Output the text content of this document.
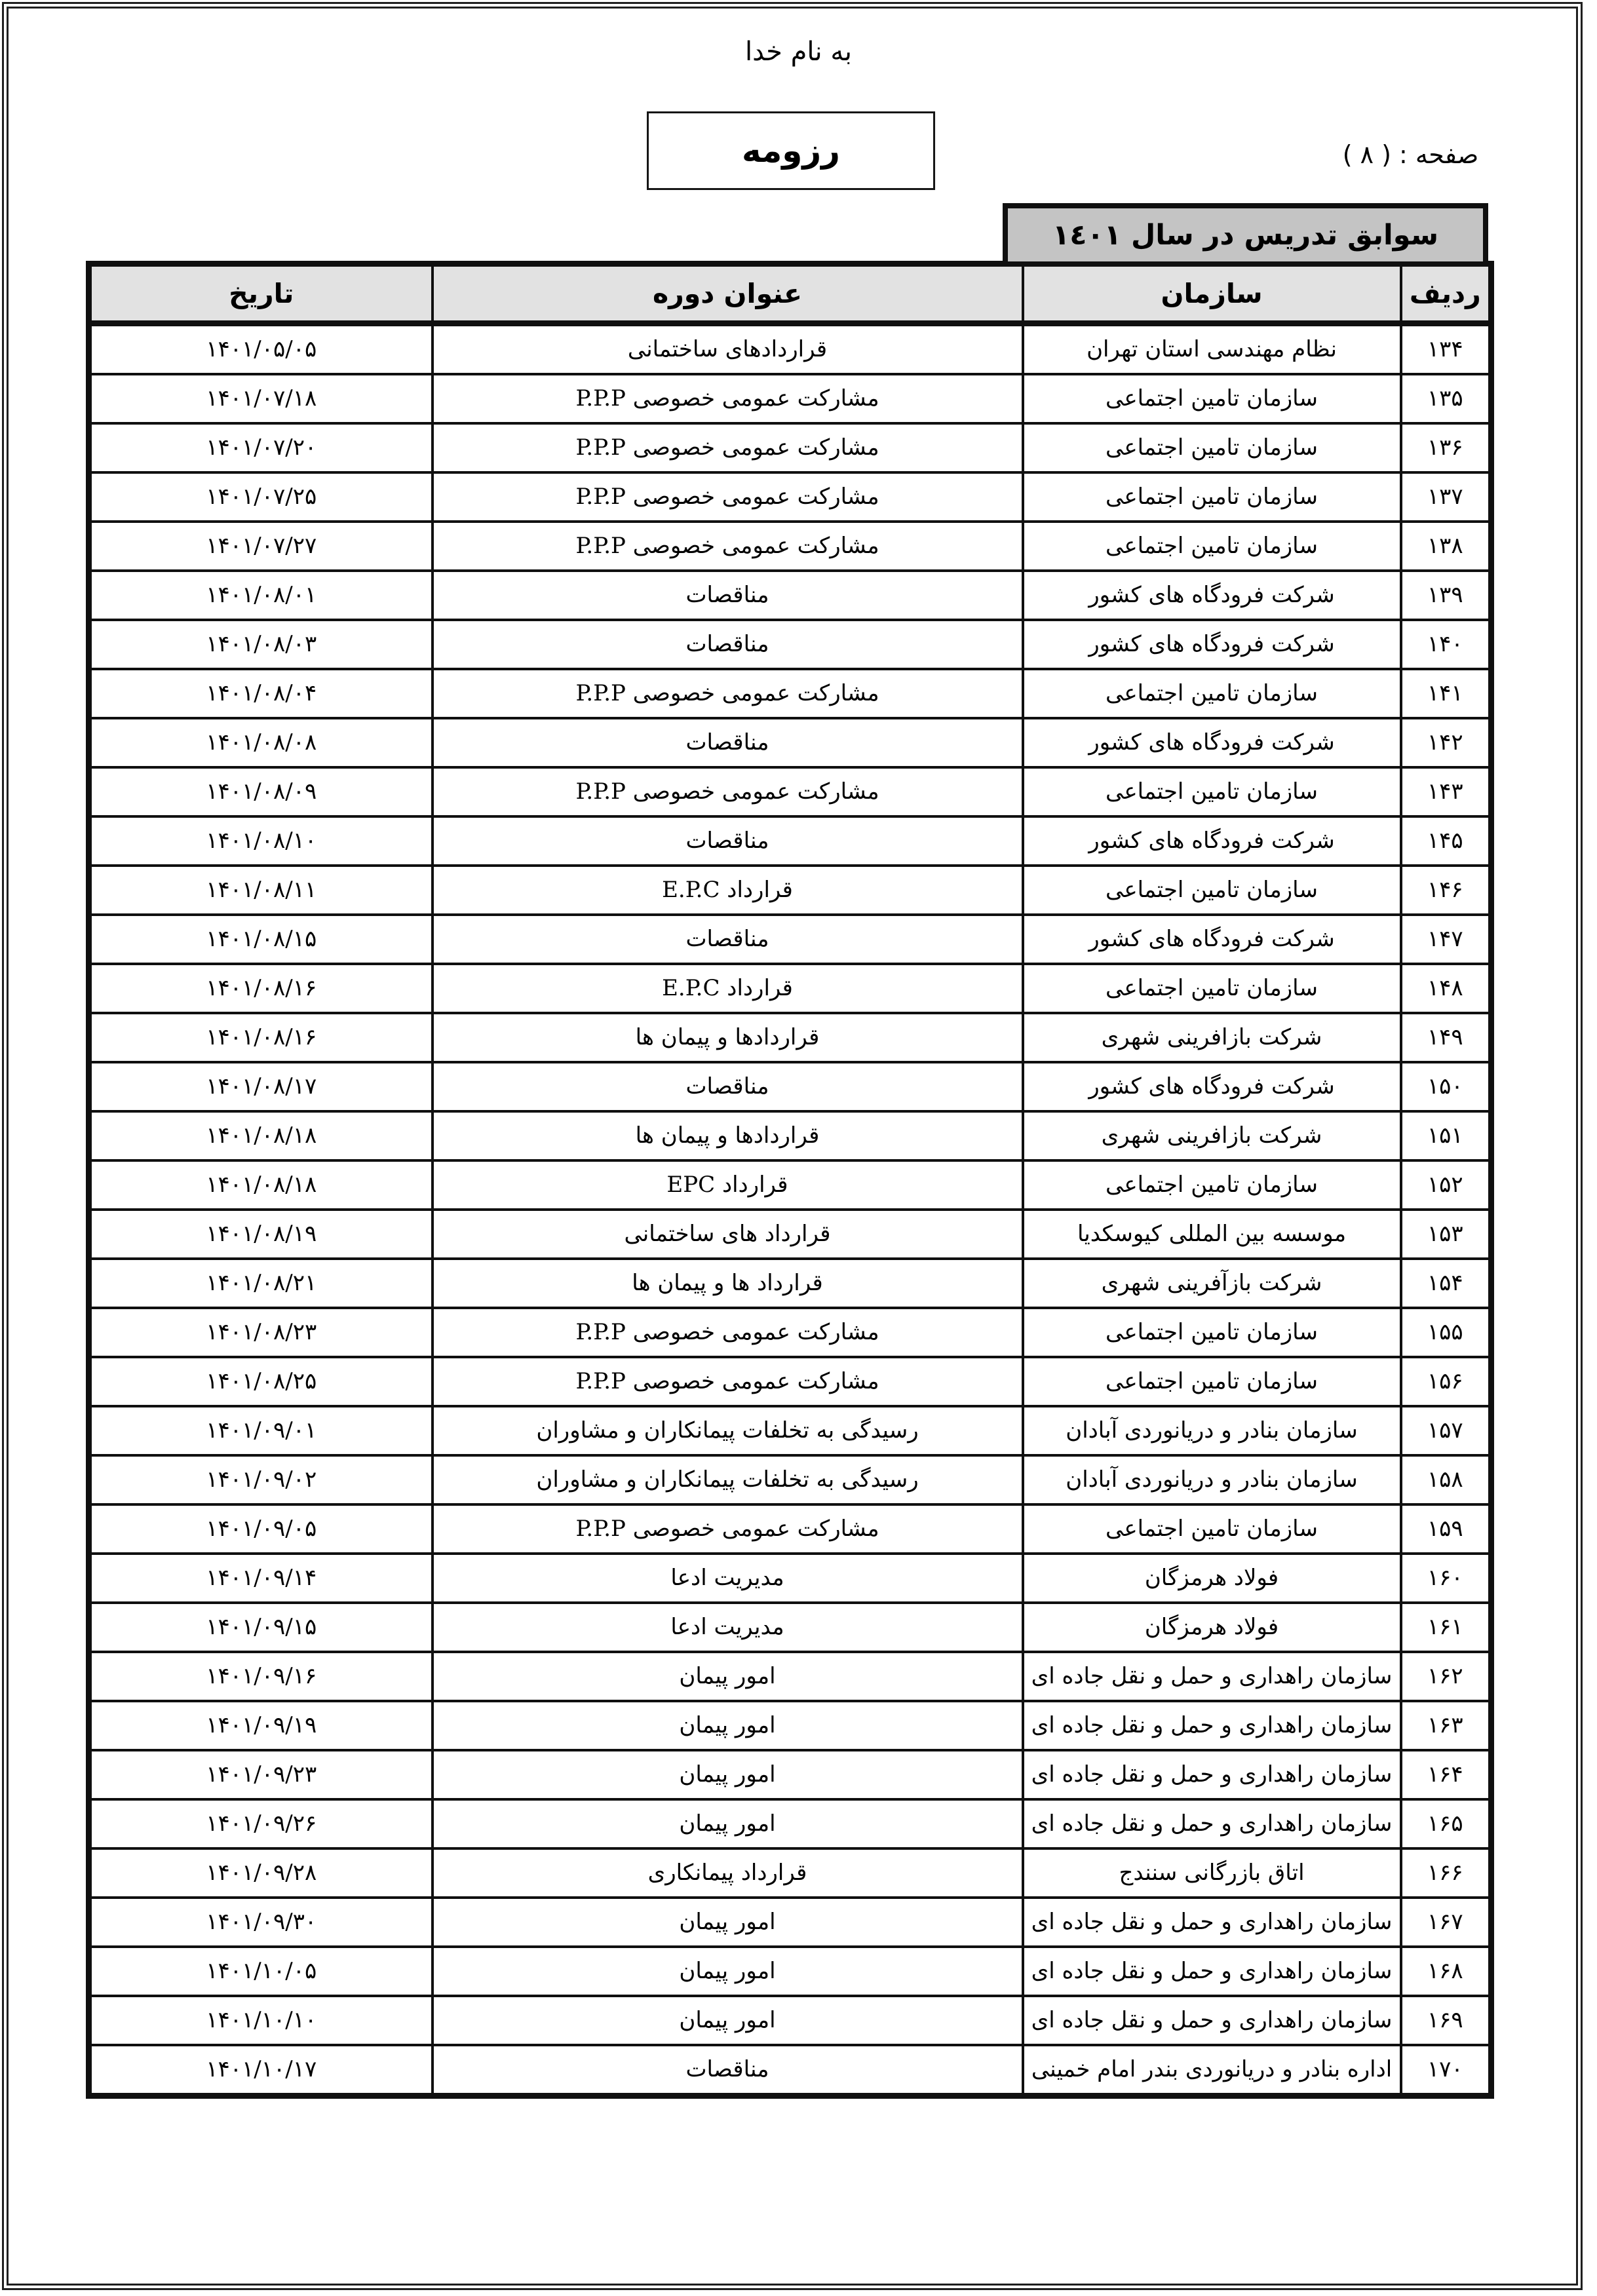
به نام خدا
رزومه	صفحه : ( ۸ )
سوابق تدریس در سال ۱٤۰۱
ردیف	سازمان	عنوان دوره	تاریخ
۱۳۴	نظام مهندسی استان تهران	قراردادهای ساختمانی	۱۴۰۱/۰۵/۰۵
۱۳۵	سازمان تامین اجتماعی	مشارکت عمومی خصوصی P.P.P	۱۴۰۱/۰۷/۱۸
۱۳۶	سازمان تامین اجتماعی	مشارکت عمومی خصوصی P.P.P	۱۴۰۱/۰۷/۲۰
۱۳۷	سازمان تامین اجتماعی	مشارکت عمومی خصوصی P.P.P	۱۴۰۱/۰۷/۲۵
۱۳۸	سازمان تامین اجتماعی	مشارکت عمومی خصوصی P.P.P	۱۴۰۱/۰۷/۲۷
۱۳۹	شرکت فرودگاه های کشور	مناقصات	۱۴۰۱/۰۸/۰۱
۱۴۰	شرکت فرودگاه های کشور	مناقصات	۱۴۰۱/۰۸/۰۳
۱۴۱	سازمان تامین اجتماعی	مشارکت عمومی خصوصی P.P.P	۱۴۰۱/۰۸/۰۴
۱۴۲	شرکت فرودگاه های کشور	مناقصات	۱۴۰۱/۰۸/۰۸
۱۴۳	سازمان تامین اجتماعی	مشارکت عمومی خصوصی P.P.P	۱۴۰۱/۰۸/۰۹
۱۴۵	شرکت فرودگاه های کشور	مناقصات	۱۴۰۱/۰۸/۱۰
۱۴۶	سازمان تامین اجتماعی	قرارداد E.P.C	۱۴۰۱/۰۸/۱۱
۱۴۷	شرکت فرودگاه های کشور	مناقصات	۱۴۰۱/۰۸/۱۵
۱۴۸	سازمان تامین اجتماعی	قرارداد E.P.C	۱۴۰۱/۰۸/۱۶
۱۴۹	شرکت بازافرینی شهری	قراردادها و پیمان ها	۱۴۰۱/۰۸/۱۶
۱۵۰	شرکت فرودگاه های کشور	مناقصات	۱۴۰۱/۰۸/۱۷
۱۵۱	شرکت بازافرینی شهری	قراردادها و پیمان ها	۱۴۰۱/۰۸/۱۸
۱۵۲	سازمان تامین اجتماعی	قرارداد EPC	۱۴۰۱/۰۸/۱۸
۱۵۳	موسسه بین المللی کیوسکدیا	قرارداد های ساختمانی	۱۴۰۱/۰۸/۱۹
۱۵۴	شرکت بازآفرینی شهری	قرارداد ها و پیمان ها	۱۴۰۱/۰۸/۲۱
۱۵۵	سازمان تامین اجتماعی	مشارکت عمومی خصوصی P.P.P	۱۴۰۱/۰۸/۲۳
۱۵۶	سازمان تامین اجتماعی	مشارکت عمومی خصوصی P.P.P	۱۴۰۱/۰۸/۲۵
۱۵۷	سازمان بنادر و دریانوردی آبادان	رسیدگی به تخلفات پیمانکاران و مشاوران	۱۴۰۱/۰۹/۰۱
۱۵۸	سازمان بنادر و دریانوردی آبادان	رسیدگی به تخلفات پیمانکاران و مشاوران	۱۴۰۱/۰۹/۰۲
۱۵۹	سازمان تامین اجتماعی	مشارکت عمومی خصوصی P.P.P	۱۴۰۱/۰۹/۰۵
۱۶۰	فولاد هرمزگان	مدیریت ادعا	۱۴۰۱/۰۹/۱۴
۱۶۱	فولاد هرمزگان	مدیریت ادعا	۱۴۰۱/۰۹/۱۵
۱۶۲	سازمان راهداری و حمل و نقل جاده ای	امور پیمان	۱۴۰۱/۰۹/۱۶
۱۶۳	سازمان راهداری و حمل و نقل جاده ای	امور پیمان	۱۴۰۱/۰۹/۱۹
۱۶۴	سازمان راهداری و حمل و نقل جاده ای	امور پیمان	۱۴۰۱/۰۹/۲۳
۱۶۵	سازمان راهداری و حمل و نقل جاده ای	امور پیمان	۱۴۰۱/۰۹/۲۶
۱۶۶	اتاق بازرگانی سنندج	قرارداد پیمانکاری	۱۴۰۱/۰۹/۲۸
۱۶۷	سازمان راهداری و حمل و نقل جاده ای	امور پیمان	۱۴۰۱/۰۹/۳۰
۱۶۸	سازمان راهداری و حمل و نقل جاده ای	امور پیمان	۱۴۰۱/۱۰/۰۵
۱۶۹	سازمان راهداری و حمل و نقل جاده ای	امور پیمان	۱۴۰۱/۱۰/۱۰
۱۷۰	اداره بنادر و دریانوردی بندر امام خمینی	مناقصات	۱۴۰۱/۱۰/۱۷
